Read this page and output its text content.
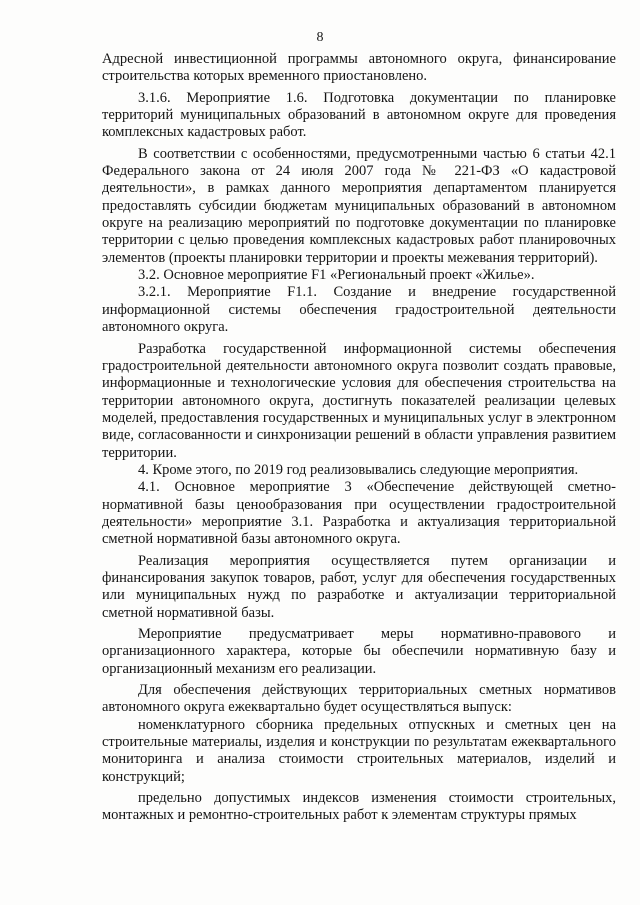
8

Адресной инвестиционной программы автономного округа, финансирование строительства которых временного приостановлено.

3.1.6. Мероприятие 1.6. Подготовка документации по планировке территорий муниципальных образований в автономном округе для проведения комплексных кадастровых работ.

В соответствии с особенностями, предусмотренными частью 6 статьи 42.1 Федерального закона от 24 июля 2007 года № 221-ФЗ «О кадастровой деятельности», в рамках данного мероприятия департаментом планируется предоставлять субсидии бюджетам муниципальных образований в автономном округе на реализацию мероприятий по подготовке документации по планировке территории с целью проведения комплексных кадастровых работ планировочных элементов (проекты планировки территории и проекты межевания территорий).

3.2. Основное мероприятие F1 «Региональный проект «Жилье».

3.2.1. Мероприятие F1.1. Создание и внедрение государственной информационной системы обеспечения градостроительной деятельности автономного округа.

Разработка государственной информационной системы обеспечения градостроительной деятельности автономного округа позволит создать правовые, информационные и технологические условия для обеспечения строительства на территории автономного округа, достигнуть показателей реализации целевых моделей, предоставления государственных и муниципальных услуг в электронном виде, согласованности и синхронизации решений в области управления развитием территории.

4. Кроме этого, по 2019 год реализовывались следующие мероприятия.

4.1. Основное мероприятие 3 «Обеспечение действующей сметно-нормативной базы ценообразования при осуществлении градостроительной деятельности» мероприятие 3.1. Разработка и актуализация территориальной сметной нормативной базы автономного округа.

Реализация мероприятия осуществляется путем организации и финансирования закупок товаров, работ, услуг для обеспечения государственных или муниципальных нужд по разработке и актуализации территориальной сметной нормативной базы.

Мероприятие предусматривает меры нормативно-правового и организационного характера, которые бы обеспечили нормативную базу и организационный механизм его реализации.

Для обеспечения действующих территориальных сметных нормативов автономного округа ежеквартально будет осуществляться выпуск:

номенклатурного сборника предельных отпускных и сметных цен на строительные материалы, изделия и конструкции по результатам ежеквартального мониторинга и анализа стоимости строительных материалов, изделий и конструкций;

предельно допустимых индексов изменения стоимости строительных, монтажных и ремонтно-строительных работ к элементам структуры прямых
